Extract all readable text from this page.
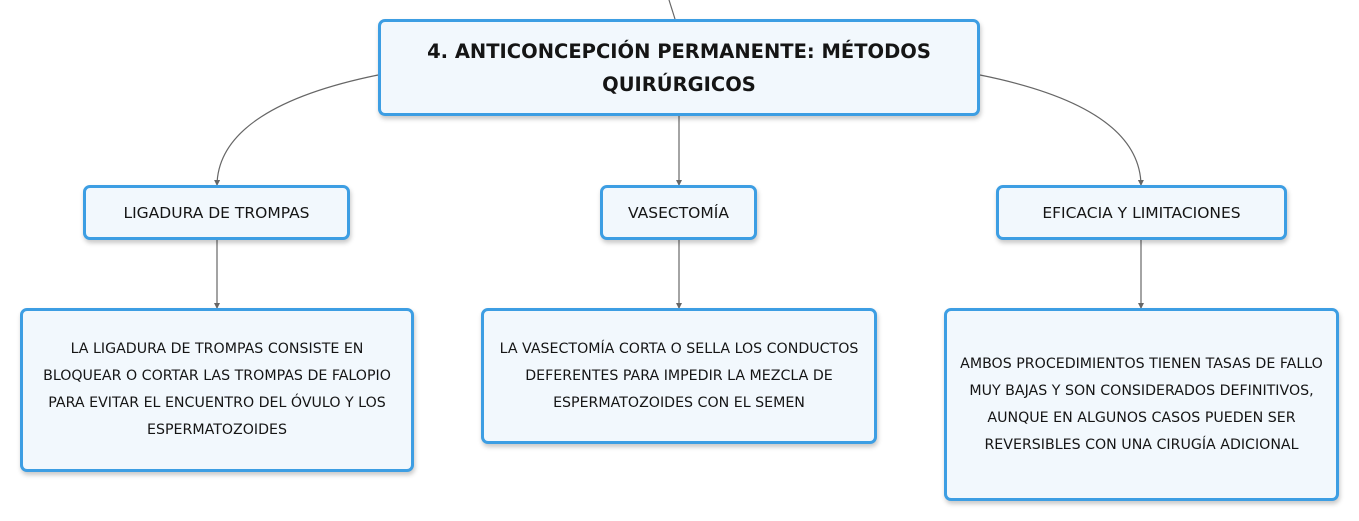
4. ANTICONCEPCIÓN PERMANENTE: MÉTODOS QUIRÚRGICOS
LIGADURA DE TROMPAS	VASECTOMÍA	EFICACIA Y LIMITACIONES
LA LIGADURA DE TROMPAS CONSISTE EN BLOQUEAR O CORTAR LAS TROMPAS DE FALOPIO PARA EVITAR EL ENCUENTRO DEL ÓVULO Y LOS ESPERMATOZOIDES
LA VASECTOMÍA CORTA O SELLA LOS CONDUCTOS DEFERENTES PARA IMPEDIR LA MEZCLA DE ESPERMATOZOIDES CON EL SEMEN
AMBOS PROCEDIMIENTOS TIENEN TASAS DE FALLO MUY BAJAS Y SON CONSIDERADOS DEFINITIVOS, AUNQUE EN ALGUNOS CASOS PUEDEN SER REVERSIBLES CON UNA CIRUGÍA ADICIONAL
